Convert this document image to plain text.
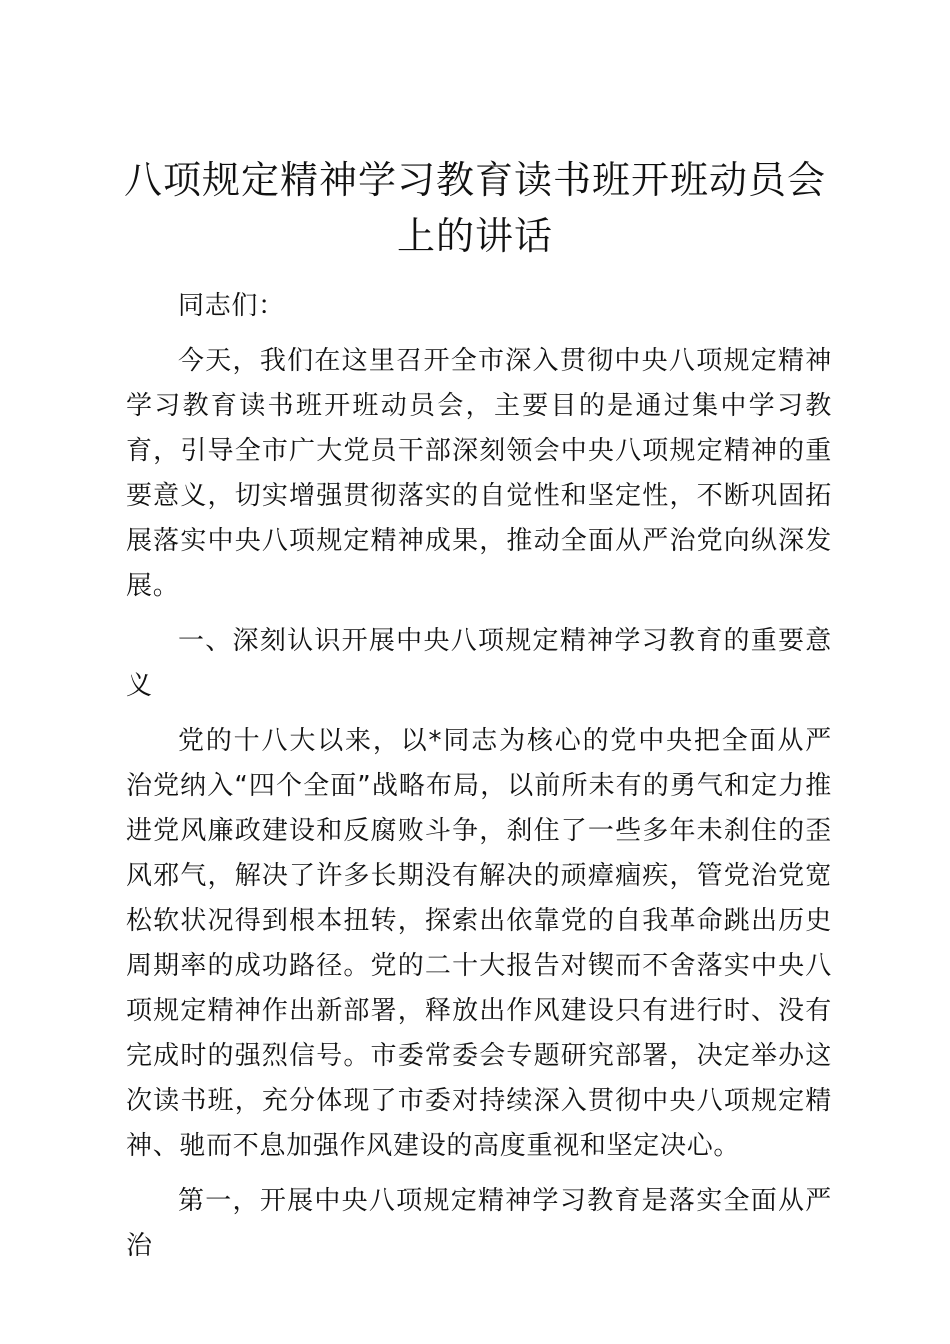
八项规定精神学习教育读书班开班动员会上的讲话

同志们：

今天，我们在这里召开全市深入贯彻中央八项规定精神学习教育读书班开班动员会，主要目的是通过集中学习教育，引导全市广大党员干部深刻领会中央八项规定精神的重要意义，切实增强贯彻落实的自觉性和坚定性，不断巩固拓展落实中央八项规定精神成果，推动全面从严治党向纵深发展。

一、深刻认识开展中央八项规定精神学习教育的重要意义

党的十八大以来，以*同志为核心的党中央把全面从严治党纳入“四个全面”战略布局，以前所未有的勇气和定力推进党风廉政建设和反腐败斗争，刹住了一些多年未刹住的歪风邪气，解决了许多长期没有解决的顽瘴痼疾，管党治党宽松软状况得到根本扭转，探索出依靠党的自我革命跳出历史周期率的成功路径。党的二十大报告对锲而不舍落实中央八项规定精神作出新部署，释放出作风建设只有进行时、没有完成时的强烈信号。市委常委会专题研究部署，决定举办这次读书班，充分体现了市委对持续深入贯彻中央八项规定精神、驰而不息加强作风建设的高度重视和坚定决心。

第一，开展中央八项规定精神学习教育是落实全面从严治
